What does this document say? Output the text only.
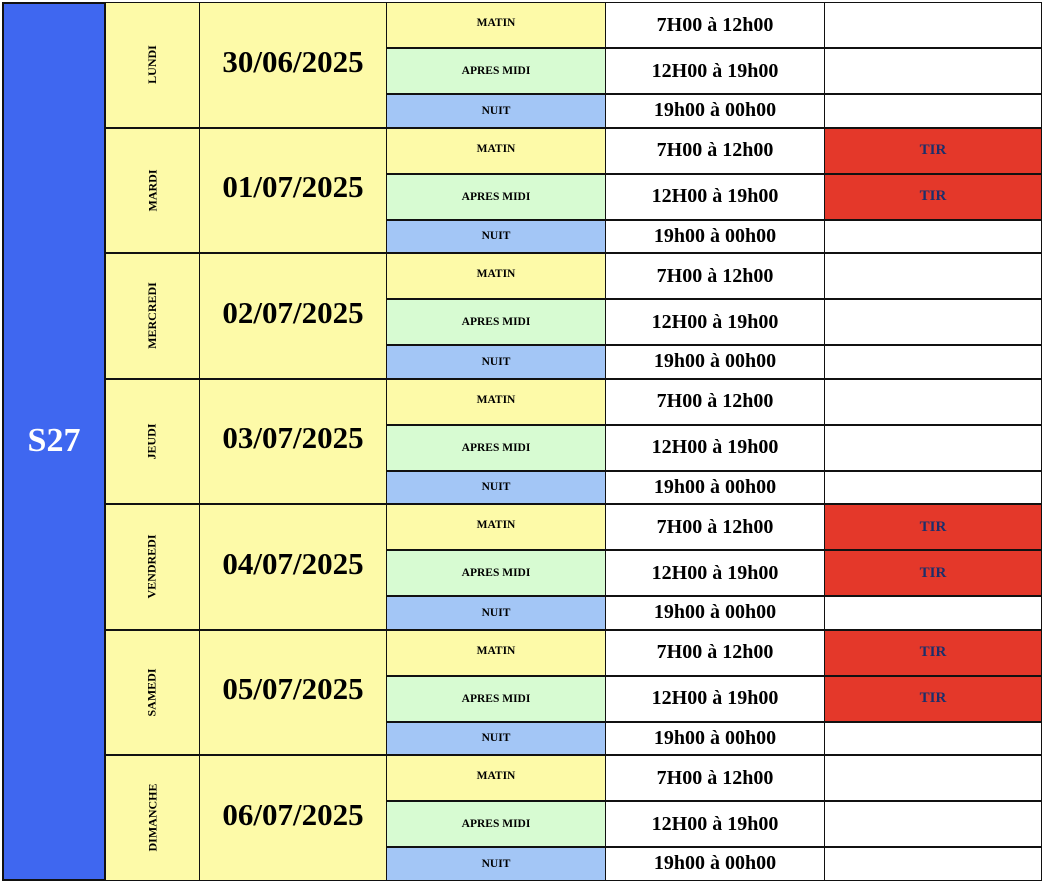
S27
LUNDI	30/06/2025
MATIN	7H00 à 12h00
APRES MIDI	12H00 à 19h00
NUIT	19h00 à 00h00
MARDI	01/07/2025
MATIN	7H00 à 12h00	TIR
APRES MIDI	12H00 à 19h00	TIR
NUIT	19h00 à 00h00
MERCREDI	02/07/2025
MATIN	7H00 à 12h00
APRES MIDI	12H00 à 19h00
NUIT	19h00 à 00h00
JEUDI	03/07/2025
MATIN	7H00 à 12h00
APRES MIDI	12H00 à 19h00
NUIT	19h00 à 00h00
VENDREDI	04/07/2025
MATIN	7H00 à 12h00	TIR
APRES MIDI	12H00 à 19h00	TIR
NUIT	19h00 à 00h00
SAMEDI	05/07/2025
MATIN	7H00 à 12h00	TIR
APRES MIDI	12H00 à 19h00	TIR
NUIT	19h00 à 00h00
DIMANCHE	06/07/2025
MATIN	7H00 à 12h00
APRES MIDI	12H00 à 19h00
NUIT	19h00 à 00h00
